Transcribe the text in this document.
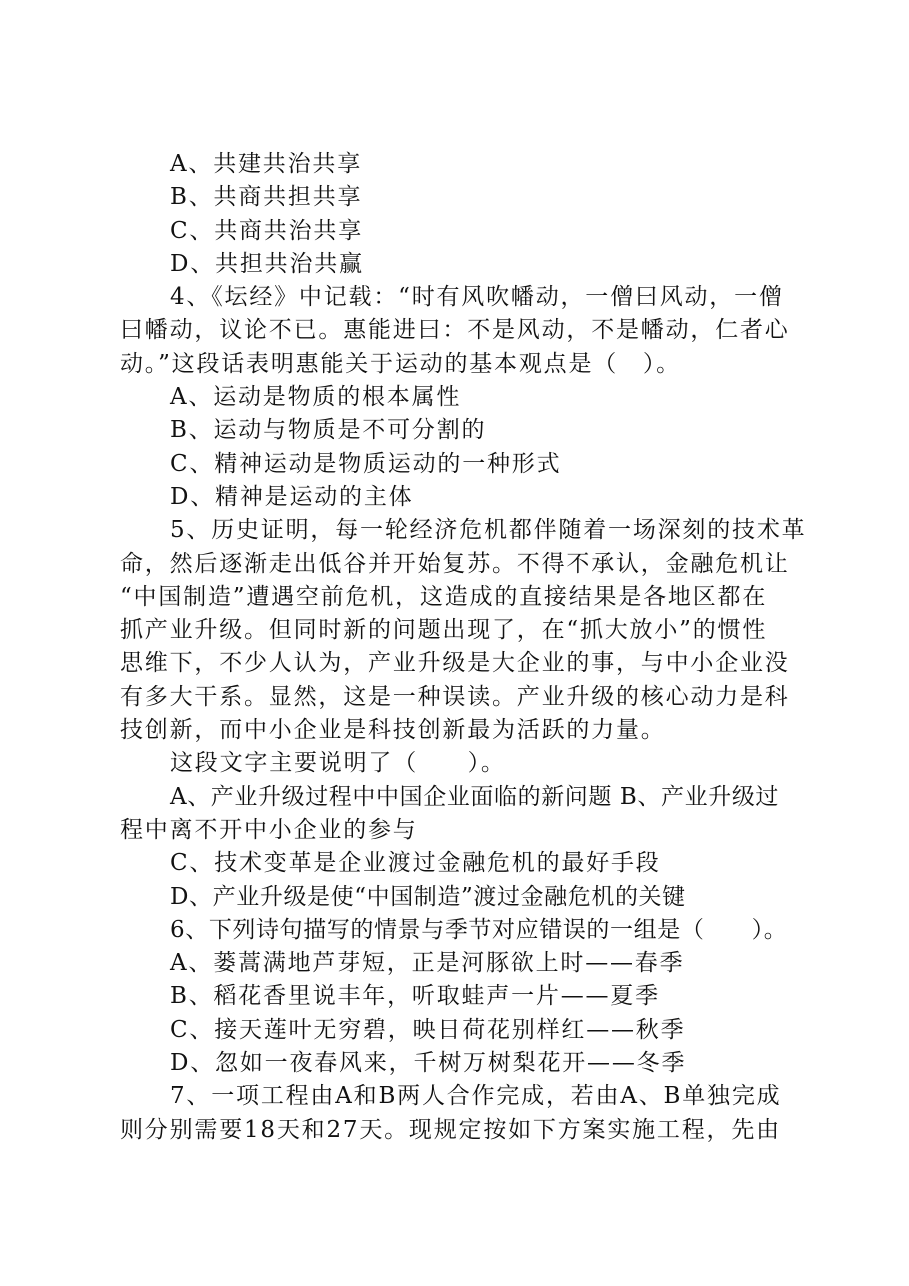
A、共建共治共享
B、共商共担共享
C、共商共治共享
D、共担共治共赢
4、《坛经》中记载：“时有风吹幡动，一僧曰风动，一僧
曰幡动，议论不已。惠能进曰：不是风动，不是幡动，仁者心
动。”这段话表明惠能关于运动的基本观点是（　）。
A、运动是物质的根本属性
B、运动与物质是不可分割的
C、精神运动是物质运动的一种形式
D、精神是运动的主体
5、历史证明，每一轮经济危机都伴随着一场深刻的技术革
命，然后逐渐走出低谷并开始复苏。不得不承认，金融危机让
“中国制造”遭遇空前危机，这造成的直接结果是各地区都在
抓产业升级。但同时新的问题出现了，在“抓大放小”的惯性
思维下，不少人认为，产业升级是大企业的事，与中小企业没
有多大干系。显然，这是一种误读。产业升级的核心动力是科
技创新，而中小企业是科技创新最为活跃的力量。
这段文字主要说明了（　　）。
A、产业升级过程中中国企业面临的新问题 B、产业升级过
程中离不开中小企业的参与
C、技术变革是企业渡过金融危机的最好手段
D、产业升级是使“中国制造”渡过金融危机的关键
6、下列诗句描写的情景与季节对应错误的一组是（　　）。
A、蒌蒿满地芦芽短，正是河豚欲上时——春季
B、稻花香里说丰年，听取蛙声一片——夏季
C、接天莲叶无穷碧，映日荷花别样红——秋季
D、忽如一夜春风来，千树万树梨花开——冬季
7、一项工程由A和B两人合作完成，若由A、B单独完成
则分别需要18天和27天。现规定按如下方案实施工程，先由
